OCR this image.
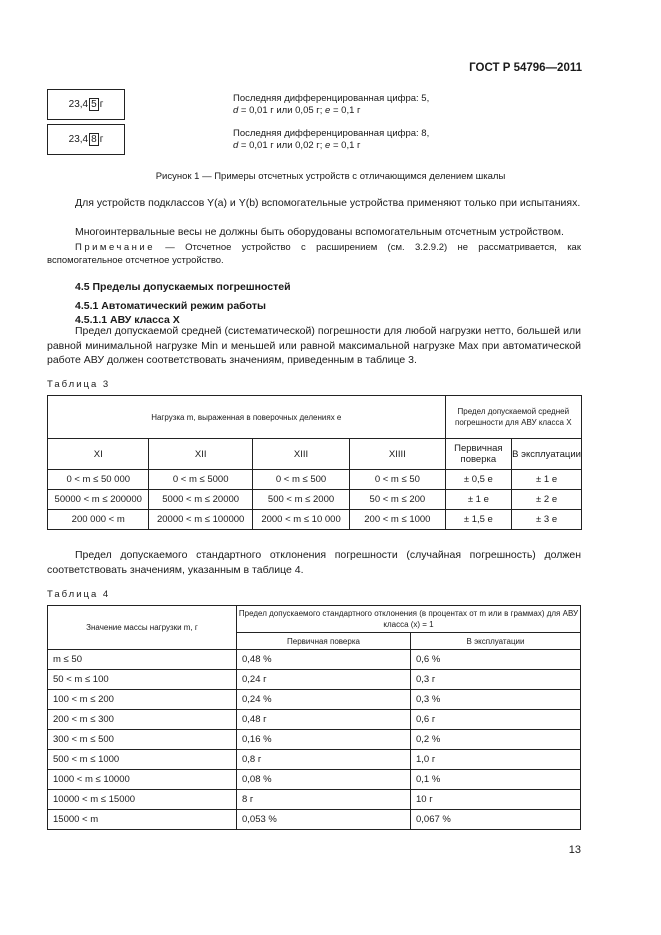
ГОСТ Р 54796—2011
23,4 5 г
Последняя дифференцированная цифра: 5,
d = 0,01 г или 0,05 г; e = 0,1 г
23,4 8 г
Последняя дифференцированная цифра: 8,
d = 0,01 г или 0,02 г; e = 0,1 г
Рисунок 1 — Примеры отсчетных устройств с отличающимся делением шкалы
Для устройств подклассов Y(a) и Y(b) вспомогательные устройства применяют только при испытаниях.
Многоинтервальные весы не должны быть оборудованы вспомогательным отсчетным устройством.
Примечание — Отсчетное устройство с расширением (см. 3.2.9.2) не рассматривается, как вспомогательное отсчетное устройство.
4.5 Пределы допускаемых погрешностей
4.5.1 Автоматический режим работы
4.5.1.1 АВУ класса X
Предел допускаемой средней (систематической) погрешности для любой нагрузки нетто, большей или равной минимальной нагрузке Min и меньшей или равной максимальной нагрузке Max при автоматической работе АВУ должен соответствовать значениям, приведенным в таблице 3.
Таблица 3
Нагрузка m, выраженная в поверочных делениях e				Предел допускаемой средней погрешности для АВУ класса X	
XI	XII	XIII	XIIII	Первичная поверка	В эксплуатации
0 < m ≤ 50 000	0 < m ≤ 5000	0 < m ≤ 500	0 < m ≤ 50	± 0,5 e	± 1 e
50000 < m ≤ 200000	5000 < m ≤ 20000	500 < m ≤ 2000	50 < m ≤ 200	± 1 e	± 2 e
200 000 < m	20000 < m ≤ 100000	2000 < m ≤ 10 000	200 < m ≤ 1000	± 1,5 e	± 3 e
Предел допускаемого стандартного отклонения погрешности (случайная погрешность) должен соответствовать значениям, указанным в таблице 4.
Таблица 4
Значение массы нагрузки m, г	Предел допускаемого стандартного отклонения (в процентах от m или в граммах) для АВУ класса (х) = 1	
	Первичная поверка	В эксплуатации
m ≤ 50	0,48 %	0,6 %
50 < m ≤ 100	0,24 г	0,3 г
100 < m ≤ 200	0,24 %	0,3 %
200 < m ≤ 300	0,48 г	0,6 г
300 < m ≤ 500	0,16 %	0,2 %
500 < m ≤ 1000	0,8 г	1,0 г
1000 < m ≤ 10000	0,08 %	0,1 %
10000 < m ≤ 15000	8 г	10 г
15000 < m	0,053 %	0,067 %
13
